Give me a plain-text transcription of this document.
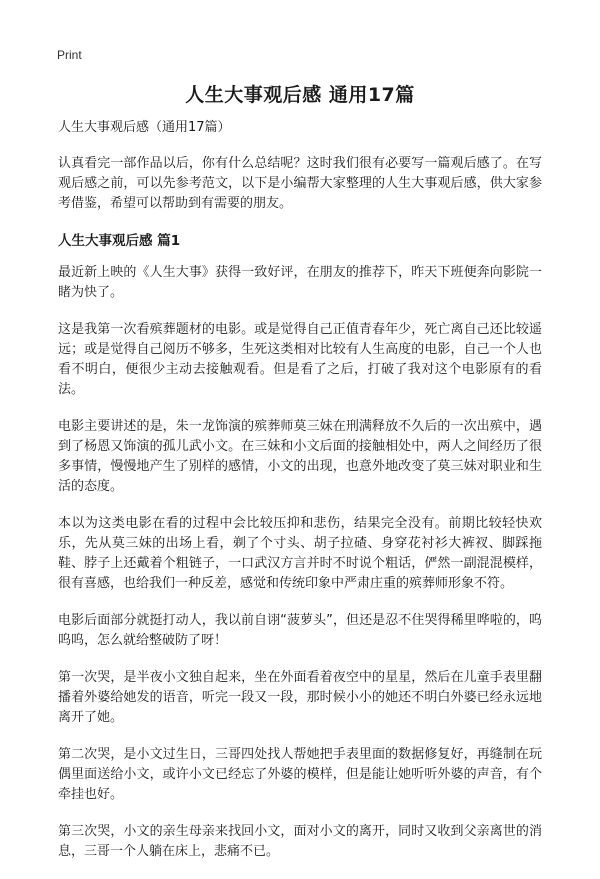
Print
人生大事观后感 通用17篇

人生大事观后感（通用17篇）

认真看完一部作品以后，你有什么总结呢？这时我们很有必要写一篇观后感了。在写观后感之前，可以先参考范文，以下是小编帮大家整理的人生大事观后感，供大家参考借鉴，希望可以帮助到有需要的朋友。

人生大事观后感 篇1

最近新上映的《人生大事》获得一致好评，在朋友的推荐下，昨天下班便奔向影院一睹为快了。

这是我第一次看殡葬题材的电影。或是觉得自己正值青春年少，死亡离自己还比较遥远；或是觉得自己阅历不够多，生死这类相对比较有人生高度的电影，自己一个人也看不明白，便很少主动去接触观看。但是看了之后，打破了我对这个电影原有的看法。

电影主要讲述的是，朱一龙饰演的殡葬师莫三妹在刑满释放不久后的一次出殡中，遇到了杨恩又饰演的孤儿武小文。在三妹和小文后面的接触相处中，两人之间经历了很多事情，慢慢地产生了别样的感情，小文的出现，也意外地改变了莫三妹对职业和生活的态度。

本以为这类电影在看的过程中会比较压抑和悲伤，结果完全没有。前期比较轻快欢乐，先从莫三妹的出场上看，剃了个寸头、胡子拉碴、身穿花衬衫大裤衩、脚踩拖鞋、脖子上还戴着个粗链子，一口武汉方言并时不时说个粗话，俨然一副混混模样，很有喜感，也给我们一种反差，感觉和传统印象中严肃庄重的殡葬师形象不符。

电影后面部分就挺打动人，我以前自诩“菠萝头”，但还是忍不住哭得稀里哗啦的，呜呜呜，怎么就给整破防了呀！

第一次哭，是半夜小文独自起来，坐在外面看着夜空中的星星，然后在儿童手表里翻播着外婆给她发的语音，听完一段又一段，那时候小小的她还不明白外婆已经永远地离开了她。

第二次哭，是小文过生日，三哥四处找人帮她把手表里面的数据修复好，再缝制在玩偶里面送给小文，或许小文已经忘了外婆的模样，但是能让她听听外婆的声音，有个牵挂也好。

第三次哭，小文的亲生母亲来找回小文，面对小文的离开，同时又收到父亲离世的消息，三哥一个人躺在床上，悲痛不已。
